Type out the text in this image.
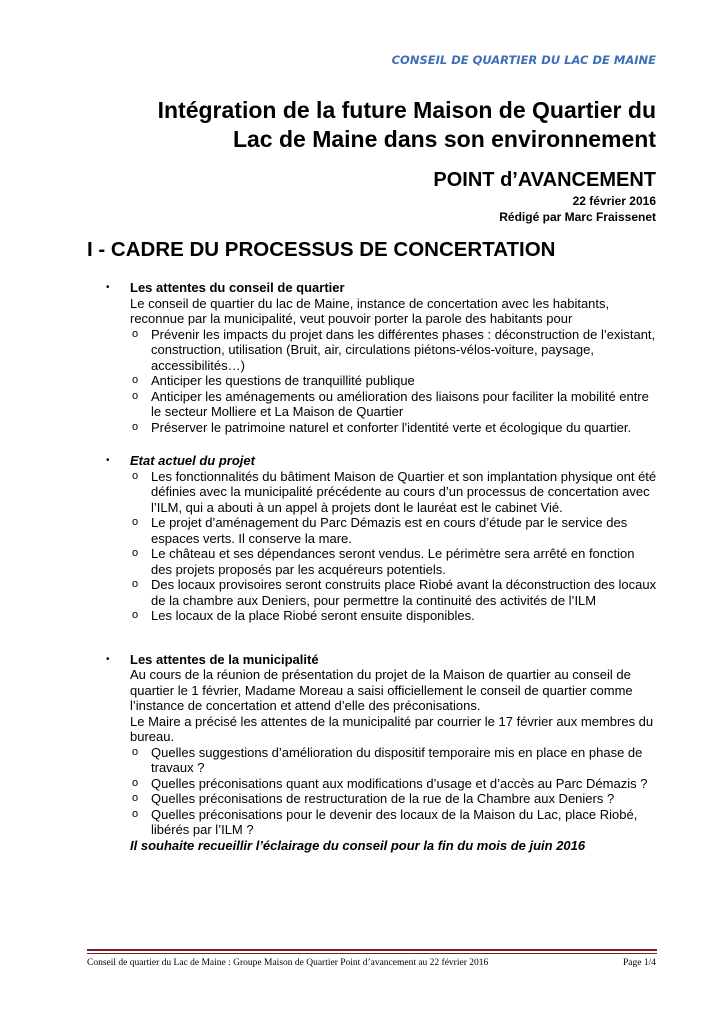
CONSEIL DE QUARTIER DU LAC DE MAINE
Intégration de la future Maison de Quartier du
Lac de Maine dans son environnement
POINT d’AVANCEMENT
22 février 2016
Rédigé par Marc Fraissenet
I - CADRE DU PROCESSUS DE CONCERTATION
• Les attentes du conseil de quartier
Le conseil de quartier du lac de Maine, instance de concertation avec les habitants, reconnue par la municipalité, veut pouvoir porter la parole des habitants pour
o Prévenir les impacts du projet dans les différentes phases : déconstruction de l’existant, construction, utilisation (Bruit, air, circulations piétons-vélos-voiture, paysage, accessibilités…)
o Anticiper les questions de tranquillité publique
o Anticiper les aménagements ou amélioration des liaisons pour faciliter la mobilité entre le secteur Molliere et La Maison de Quartier
o Préserver le patrimoine naturel et conforter l'identité verte et écologique du quartier.
• Etat actuel du projet
o Les fonctionnalités du bâtiment Maison de Quartier et son implantation physique ont été définies avec la municipalité précédente au cours d’un processus de concertation avec l’ILM, qui a abouti à un appel à projets dont le lauréat est le cabinet Vié.
o Le projet d’aménagement du Parc Démazis est en cours d’étude par le service des espaces verts. Il conserve la mare.
o Le château et ses dépendances seront vendus. Le périmètre sera arrêté en fonction des projets proposés par les acquéreurs potentiels.
o Des locaux provisoires seront construits place Riobé avant la déconstruction des locaux de la chambre aux Deniers, pour permettre la continuité des activités de l’ILM
o Les locaux de la place Riobé seront ensuite disponibles.
• Les attentes de la municipalité
Au cours de la réunion de présentation du projet de la Maison de quartier au conseil de quartier le 1 février, Madame Moreau a saisi officiellement le conseil de quartier comme l’instance de concertation et attend d’elle des préconisations.
Le Maire a précisé les attentes de la municipalité par courrier le 17 février aux membres du bureau.
o Quelles suggestions d’amélioration du dispositif temporaire mis en place en phase de travaux ?
o Quelles préconisations quant aux modifications d’usage et d’accès au Parc Démazis ?
o Quelles préconisations de restructuration de la rue de la Chambre aux Deniers ?
o Quelles préconisations pour le devenir des locaux de la Maison du Lac, place Riobé, libérés par l’ILM ?
Il souhaite recueillir l’éclairage du conseil pour la fin du mois de juin 2016
Conseil de quartier du Lac de Maine : Groupe Maison de Quartier Point d’avancement au 22 février 2016	Page 1/4
